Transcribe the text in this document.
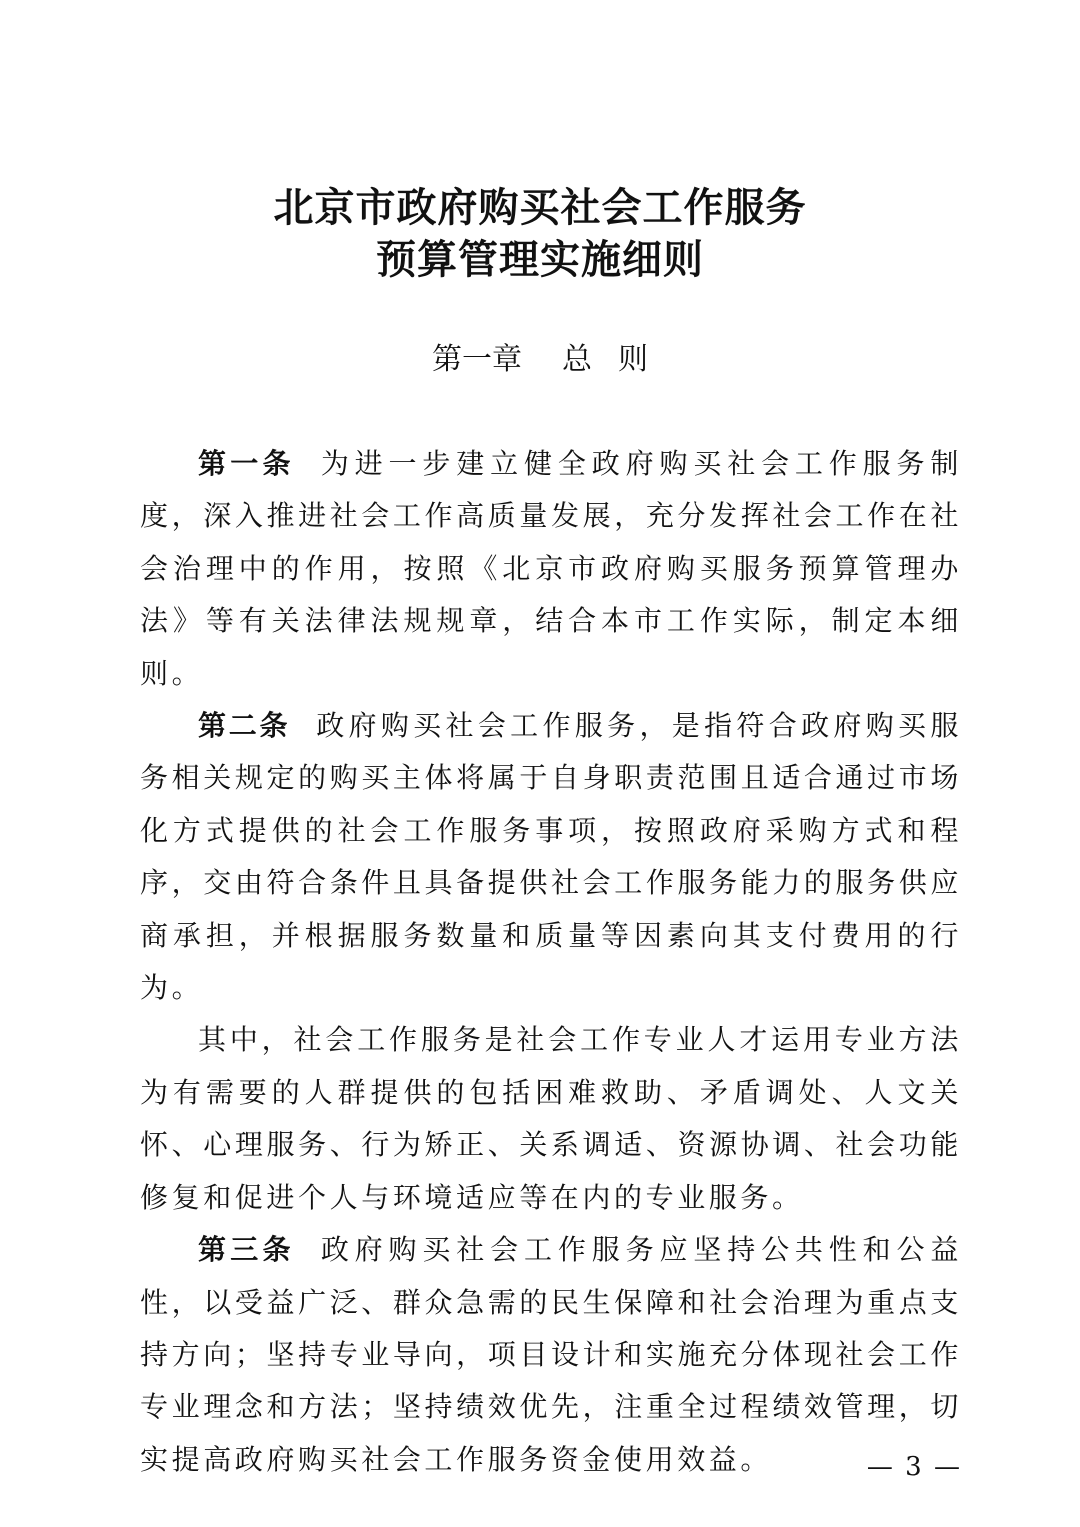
北京市政府购买社会工作服务
预算管理实施细则
第一章 总 则

第一条 为进一步建立健全政府购买社会工作服务制度，深入推进社会工作高质量发展，充分发挥社会工作在社会治理中的作用，按照《北京市政府购买服务预算管理办法》等有关法律法规规章，结合本市工作实际，制定本细则。

第二条 政府购买社会工作服务，是指符合政府购买服务相关规定的购买主体将属于自身职责范围且适合通过市场化方式提供的社会工作服务事项，按照政府采购方式和程序，交由符合条件且具备提供社会工作服务能力的服务供应商承担，并根据服务数量和质量等因素向其支付费用的行为。

其中，社会工作服务是社会工作专业人才运用专业方法为有需要的人群提供的包括困难救助、矛盾调处、人文关怀、心理服务、行为矫正、关系调适、资源协调、社会功能修复和促进个人与环境适应等在内的专业服务。

第三条 政府购买社会工作服务应坚持公共性和公益性，以受益广泛、群众急需的民生保障和社会治理为重点支持方向；坚持专业导向，项目设计和实施充分体现社会工作专业理念和方法；坚持绩效优先，注重全过程绩效管理，切实提高政府购买社会工作服务资金使用效益。	— 3 —
